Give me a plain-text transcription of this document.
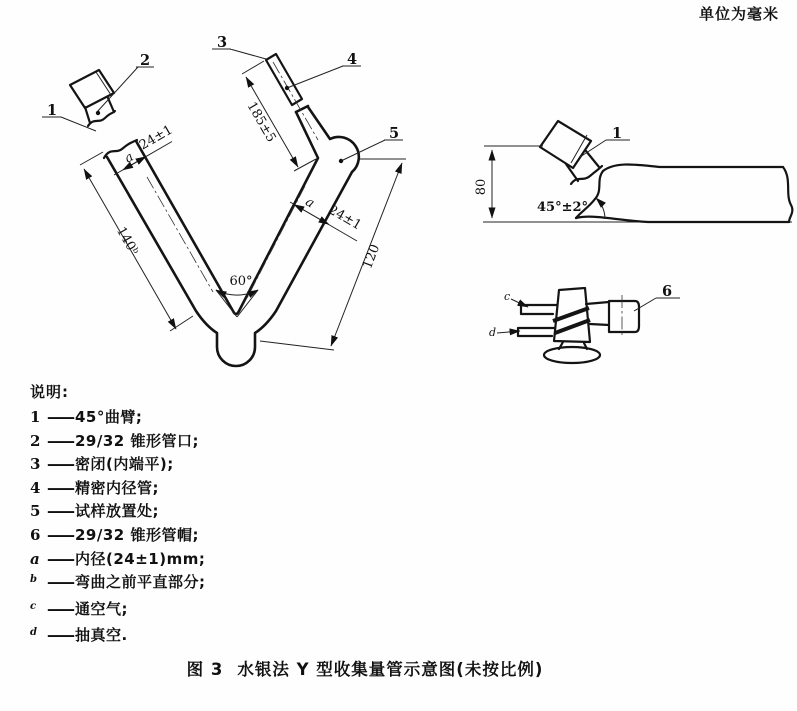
单位为毫米
1
2
3
4
5
140ᵇ
a
24±1	185±5
a 24±1
120
60°
80
45°±2°
1
6
c
d
说明:
1 —— 45°曲臂;
2 —— 29/32 锥形管口;
3 —— 密闭(内端平);
4 —— 精密内径管;
5 —— 试样放置处;
6 —— 29/32 锥形管帽;
a —— 内径(24±1)mm;
b —— 弯曲之前平直部分;
c —— 通空气;
d —— 抽真空.
图 3 水银法 Y 型收集量管示意图(未按比例)
